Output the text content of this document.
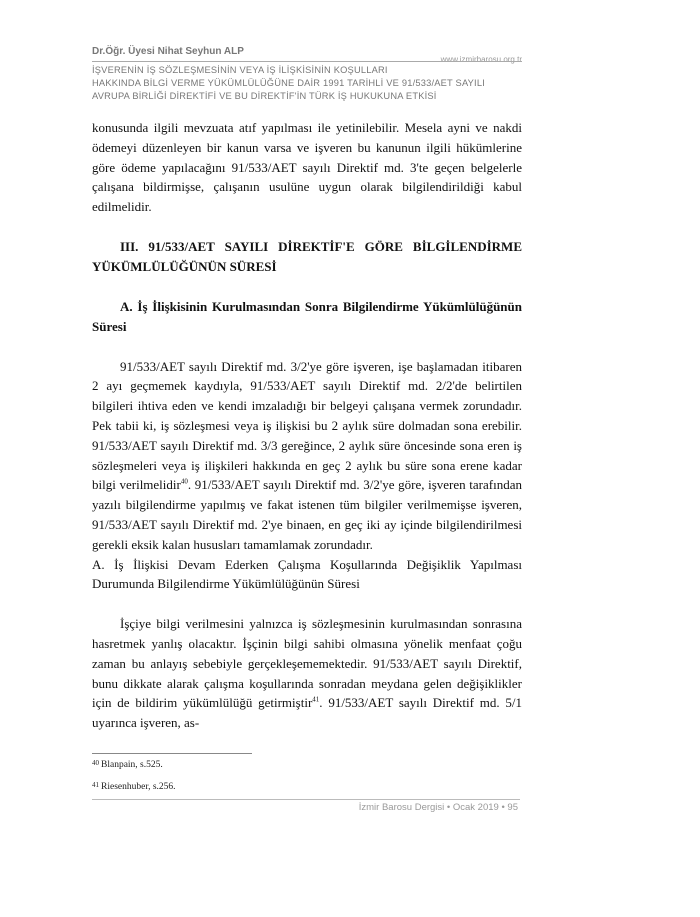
Dr.Öğr. Üyesi Nihat Seyhun ALP
www.izmirbarosu.org.tr
İŞVERENİN İŞ SÖZLEŞMESİNİN VEYA İŞ İLİŞKİSİNİN KOŞULLARI
HAKKINDA BİLGİ VERME YÜKÜMLÜLÜĞÜNE DAİR 1991 TARİHLİ VE 91/533/AET SAYILI
AVRUPA BİRLİĞİ DİREKTİFİ VE BU DİREKTİF'İN TÜRK İŞ HUKUKUNA ETKİSİ

konusunda ilgili mevzuata atıf yapılması ile yetinilebilir. Mesela ayni ve nakdi ödemeyi düzenleyen bir kanun varsa ve işveren bu kanunun ilgili hükümlerine göre ödeme yapılacağını 91/533/AET sayılı Direktif md. 3'te geçen belgelerle çalışana bildirmişse, çalışanın usulüne uygun olarak bilgilendirildiği kabul edilmelidir.

III. 91/533/AET SAYILI DİREKTİF'E GÖRE BİLGİLENDİRME YÜKÜMLÜLÜĞÜNÜN SÜRESİ

A. İş İlişkisinin Kurulmasından Sonra Bilgilendirme Yükümlülüğünün Süresi

91/533/AET sayılı Direktif md. 3/2'ye göre işveren, işe başlamadan itibaren 2 ayı geçmemek kaydıyla, 91/533/AET sayılı Direktif md. 2/2'de belirtilen bilgileri ihtiva eden ve kendi imzaladığı bir belgeyi çalışana vermek zorundadır. Pek tabii ki, iş sözleşmesi veya iş ilişkisi bu 2 aylık süre dolmadan sona erebilir. 91/533/AET sayılı Direktif md. 3/3 gereğince, 2 aylık süre öncesinde sona eren iş sözleşmeleri veya iş ilişkileri hakkında en geç 2 aylık bu süre sona erene kadar bilgi verilmelidir$^{40}$. 91/533/AET sayılı Direktif md. 3/2'ye göre, işveren tarafından yazılı bilgilendirme yapılmış ve fakat istenen tüm bilgiler verilmemişse işveren, 91/533/AET sayılı Direktif md. 2'ye binaen, en geç iki ay içinde bilgilendirilmesi gerekli eksik kalan hususları tamamlamak zorundadır.

A. İş İlişkisi Devam Ederken Çalışma Koşullarında Değişiklik Yapılması Durumunda Bilgilendirme Yükümlülüğünün Süresi

İşçiye bilgi verilmesini yalnızca iş sözleşmesinin kurulmasından sonrasına hasretmek yanlış olacaktır. İşçinin bilgi sahibi olmasına yönelik menfaat çoğu zaman bu anlayış sebebiyle gerçekleşememektedir. 91/533/AET sayılı Direktif, bunu dikkate alarak çalışma koşullarında sonradan meydana gelen değişiklikler için de bildirim yükümlülüğü getirmiştir$^{41}$. 91/533/AET sayılı Direktif md. 5/1 uyarınca işveren, as-

$^{40}$ Blanpain, s.525.
$^{41}$ Riesenhuber, s.256.
İzmir Barosu Dergisi • Ocak 2019 • 95
